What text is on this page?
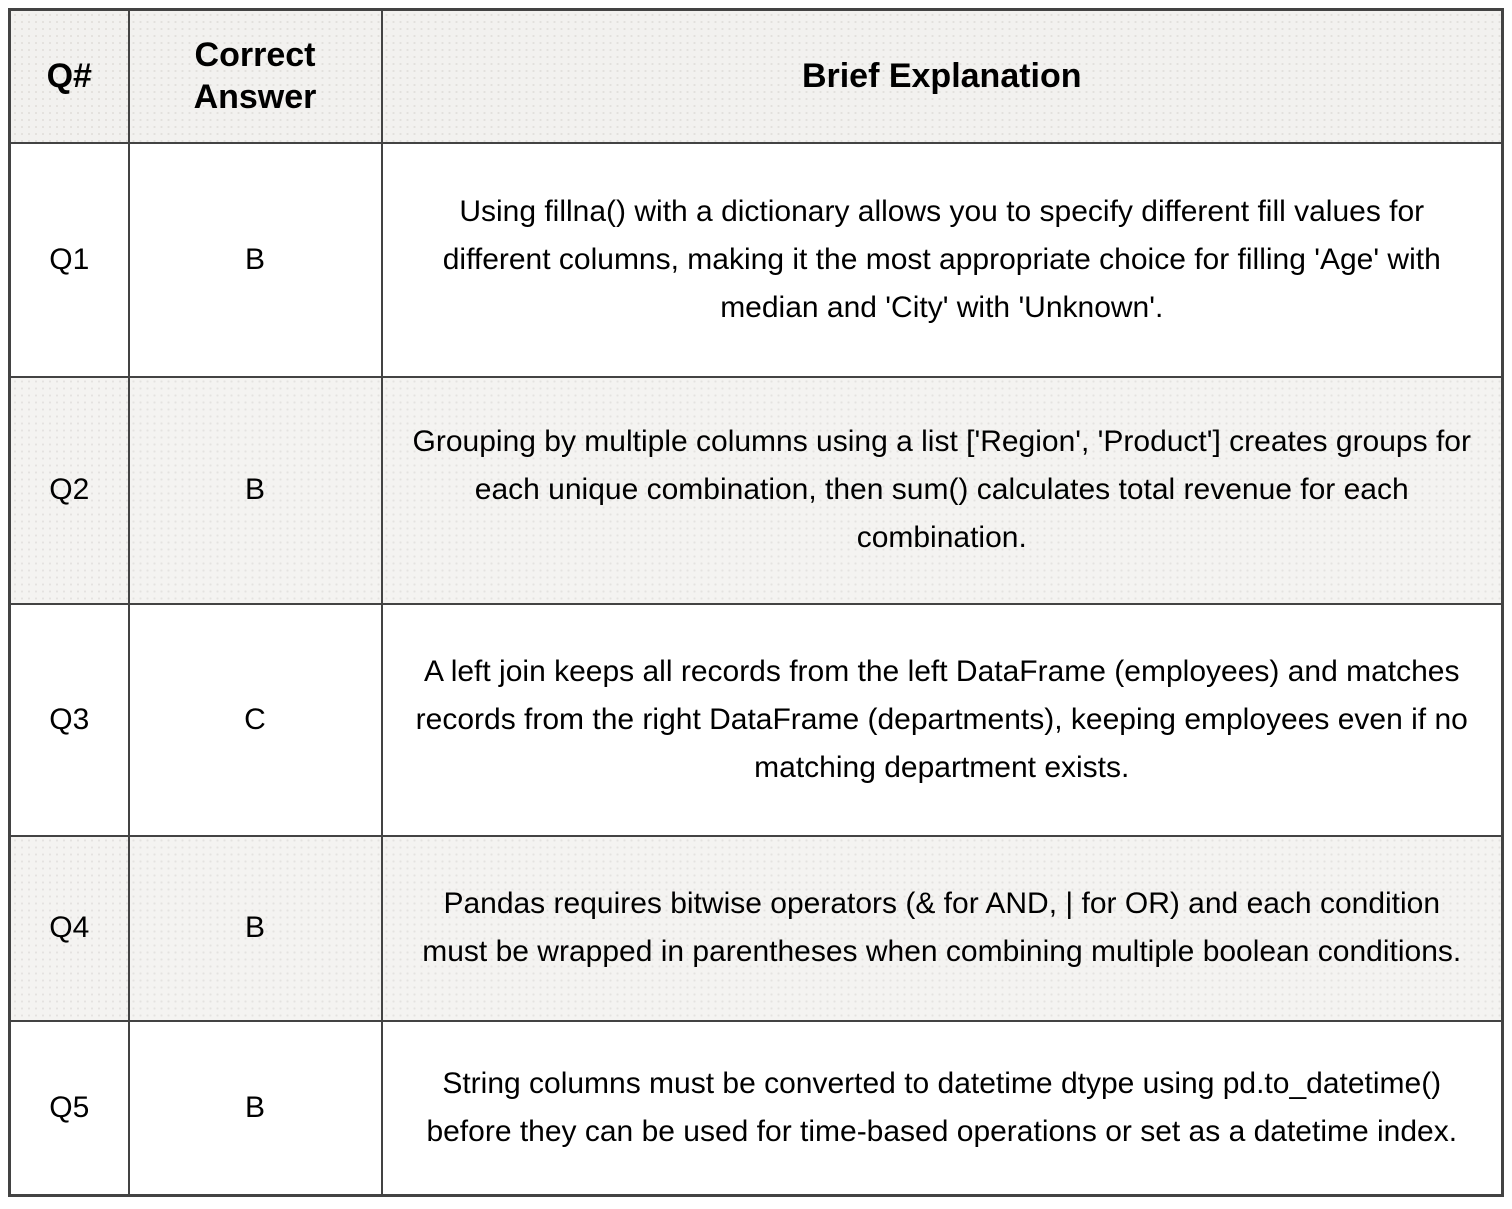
Q#	Correct Answer	Brief Explanation
Q1	B	Using fillna() with a dictionary allows you to specify different fill values for different columns, making it the most appropriate choice for filling 'Age' with median and 'City' with 'Unknown'.
Q2	B	Grouping by multiple columns using a list ['Region', 'Product'] creates groups for each unique combination, then sum() calculates total revenue for each combination.
Q3	C	A left join keeps all records from the left DataFrame (employees) and matches records from the right DataFrame (departments), keeping employees even if no matching department exists.
Q4	B	Pandas requires bitwise operators (& for AND, | for OR) and each condition must be wrapped in parentheses when combining multiple boolean conditions.
Q5	B	String columns must be converted to datetime dtype using pd.to_datetime() before they can be used for time-based operations or set as a datetime index.
